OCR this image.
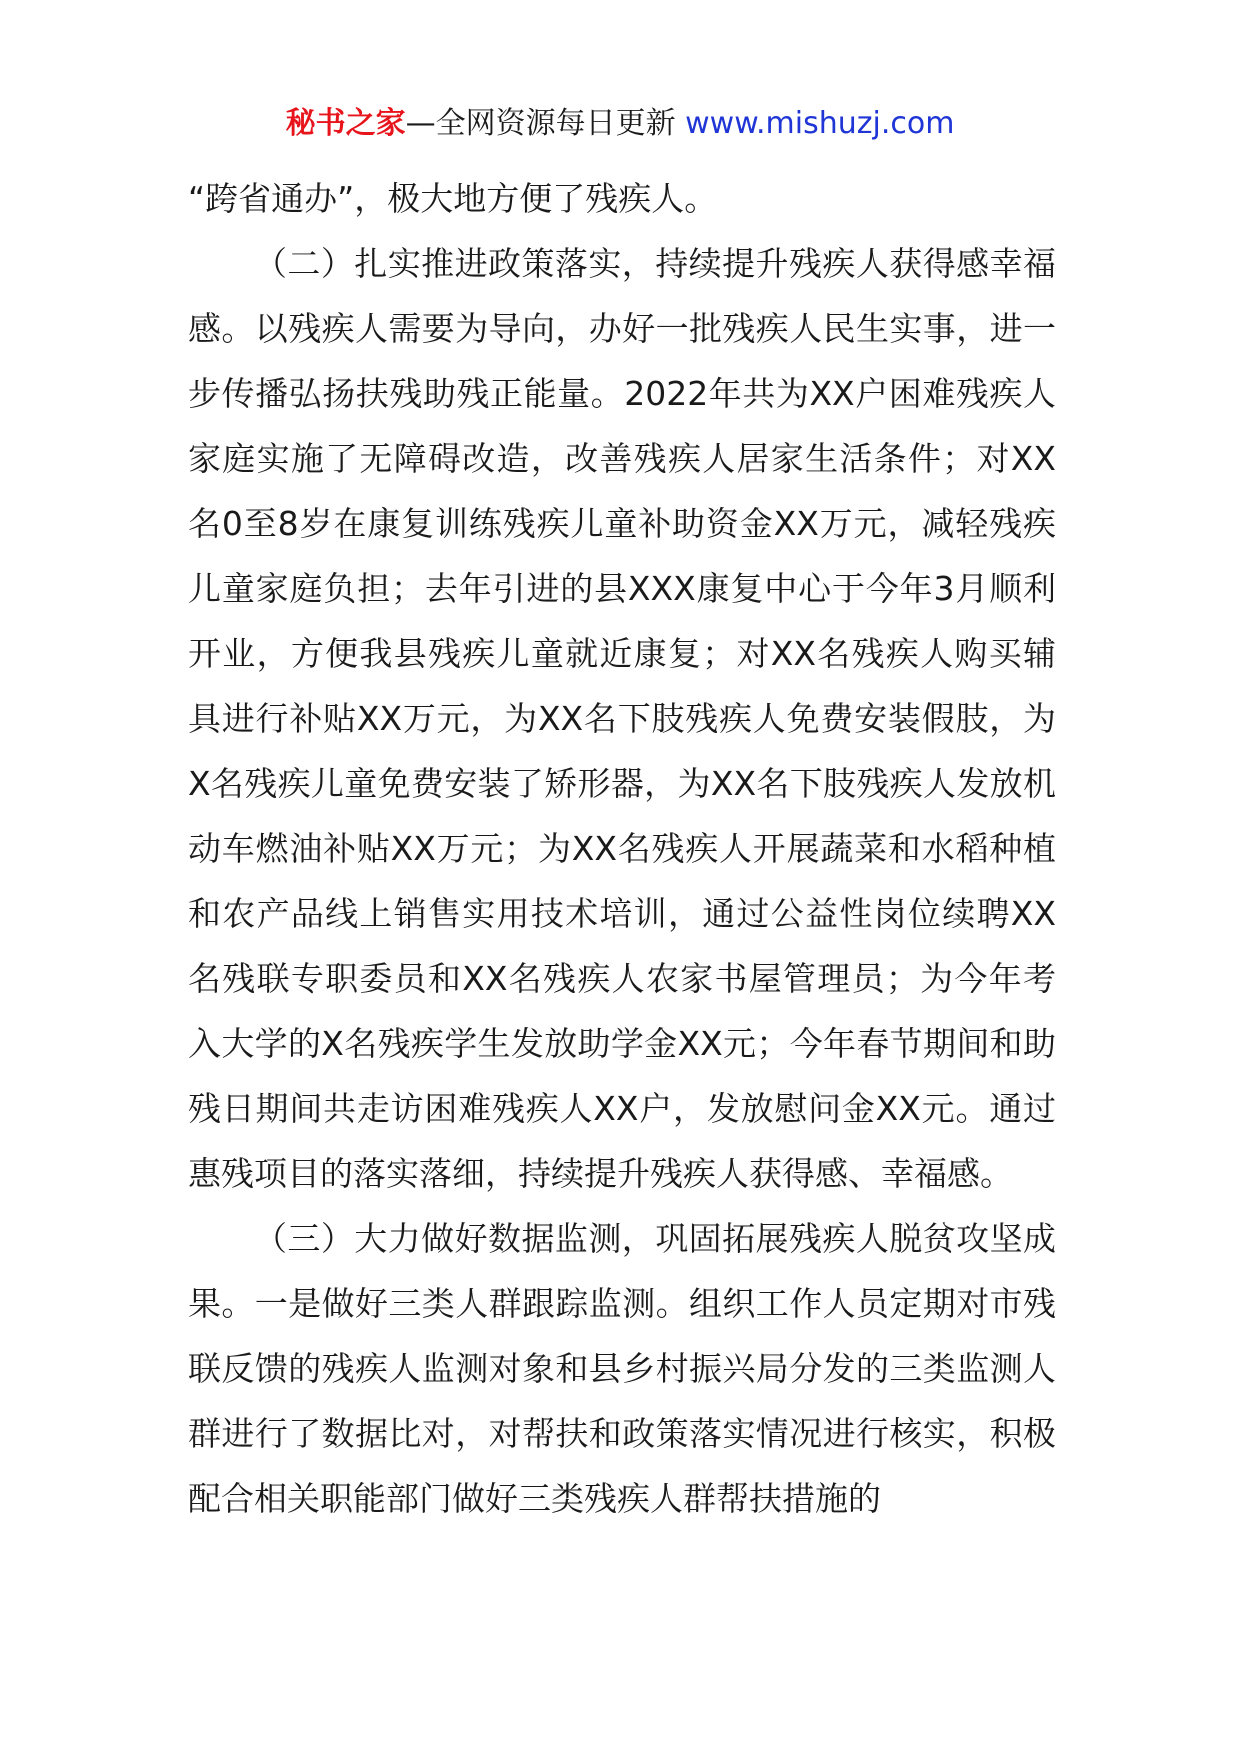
秘书之家—全网资源每日更新 www.mishuzj.com

“跨省通办”，极大地方便了残疾人。

（二）扎实推进政策落实，持续提升残疾人获得感幸福感。以残疾人需要为导向，办好一批残疾人民生实事，进一步传播弘扬扶残助残正能量。2022年共为XX户困难残疾人家庭实施了无障碍改造，改善残疾人居家生活条件；对XX名0至8岁在康复训练残疾儿童补助资金XX万元，减轻残疾儿童家庭负担；去年引进的县XXX康复中心于今年3月顺利开业，方便我县残疾儿童就近康复；对XX名残疾人购买辅具进行补贴XX万元，为XX名下肢残疾人免费安装假肢，为X名残疾儿童免费安装了矫形器，为XX名下肢残疾人发放机动车燃油补贴XX万元；为XX名残疾人开展蔬菜和水稻种植和农产品线上销售实用技术培训，通过公益性岗位续聘XX名残联专职委员和XX名残疾人农家书屋管理员；为今年考入大学的X名残疾学生发放助学金XX元；今年春节期间和助残日期间共走访困难残疾人XX户，发放慰问金XX元。通过惠残项目的落实落细，持续提升残疾人获得感、幸福感。

（三）大力做好数据监测，巩固拓展残疾人脱贫攻坚成果。一是做好三类人群跟踪监测。组织工作人员定期对市残联反馈的残疾人监测对象和县乡村振兴局分发的三类监测人群进行了数据比对，对帮扶和政策落实情况进行核实，积极配合相关职能部门做好三类残疾人群帮扶措施的
